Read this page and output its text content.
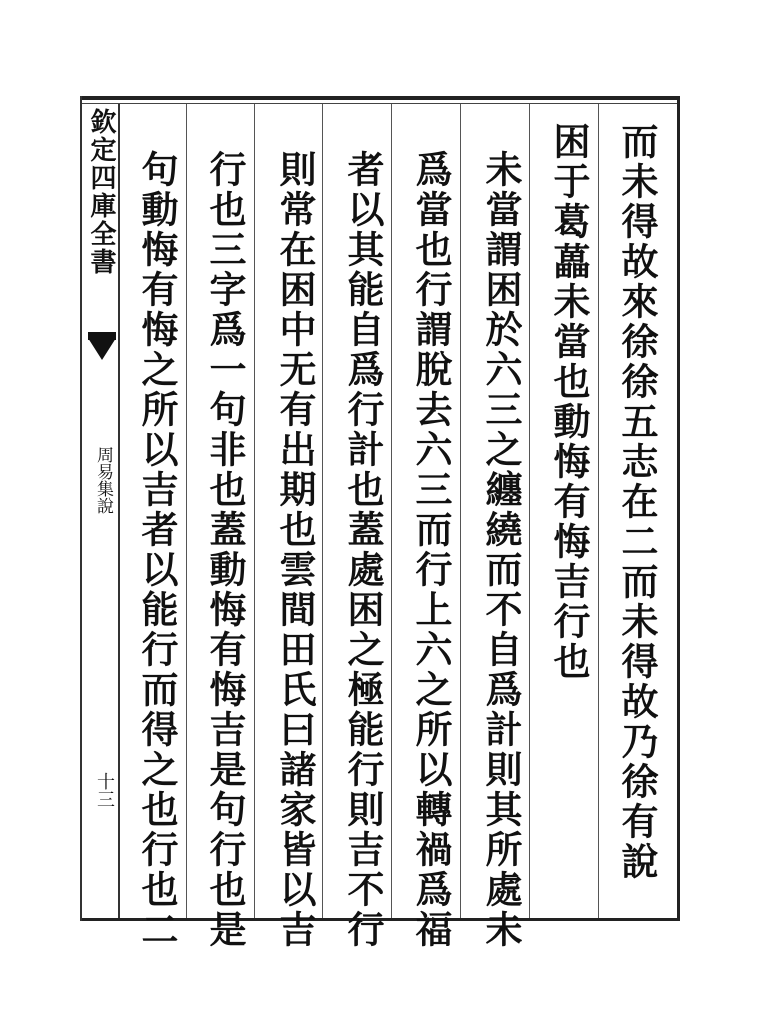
欽定四庫全書
周易集說
十三	而未得故來徐徐五志在二而未得故乃徐有說
困于葛藟未當也動悔有悔吉行也
未當謂困於六三之纏繞而不自爲計則其所處未
爲當也行謂脫去六三而行上六之所以轉禍爲福
者以其能自爲行計也蓋處困之極能行則吉不行
則常在困中无有出期也雲間田氏曰諸家皆以吉
行也三字爲一句非也蓋動悔有悔吉是句行也是
句動悔有悔之所以吉者以能行而得之也行也二
